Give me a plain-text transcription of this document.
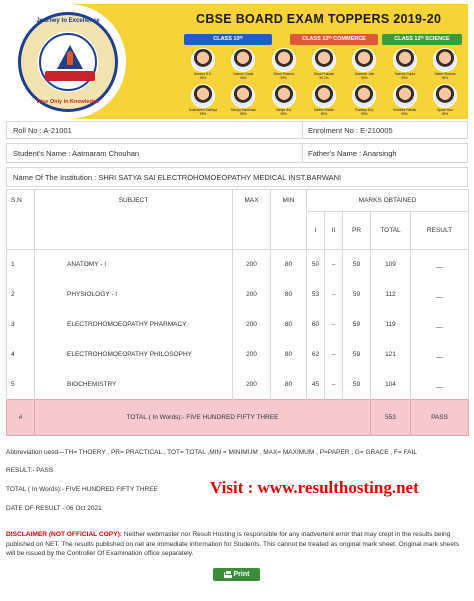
Journey to Excellence
Rise Only in Knowledge
CBSE BOARD EXAM TOPPERS 2019-20
CLASS 10ᵗʰ	CLASS 12ᵗʰ COMMERCE	CLASS 12ᵗʰ SCIENCE
Aneesa N.K.
99%
Naman Gupta
99%
Shruti Sharma
99%
Divya Prakash
99.2%
Dhanesh Jain
99%
Tanisha Gupta
99%
Satish Sharma
99%
Subhashini Sarthiya
99%
Shreya Sambhani
99%
Aditya Jha
99%
Sahibe Sheikh
99%
Pradeep Dey
99%
Srishtika Pathak
99%
Ayush Rau
99%
Roll No : A-21001	Enrolment No : E-210005
Student's Name : Aatmaram Chouhan	Father's Name : Anarsingh
Name Of The Institution : SHRI SATYA SAI ELECTROHOMOEOPATHY MEDICAL INST.BARWANI
S.N	SUBJECT	MAX	MIN	MARKS OBTAINED				
				I	II	PR	TOTAL	RESULT
1	ANATOMY - I	200	80	50	–	59	109	__
2	PHYSIOLOGY - I	200	80	53	–	59	112	__
3	ELECTROHOMOEOPATHY PHARMACY	200	80	60	–	59	119	__
4	ELECTROHOMOEOPATHY PHILOSOPHY	200	80	62	–	59	121	__
5	BIOCHEMISTRY	200	80	45	–	59	104	__
#	TOTAL ( In Words):- FIVE HUNDRED FIFTY THREE						553	PASS
Abbreviation uesd—TH= THOERY , PR= PRACTICAL , TOT= TOTAL ,MIN = MINIMUM , MAX= MAXIMUM , P=PAPER , G= GRACE , F= FAIL
RESULT:- PASS
TOTAL ( In Words):- FIVE HUNDRED FIFTY THREE
DATE OF RESULT - 06 Oct 2021
Visit : www.resulthosting.net
DISCLAIMER (NOT OFFICIAL COPY): Neither webmaster nor Result Hosting is responsible for any inadvertent error that may crept in the results being published on NET. The results published on net are immediate information for Students. This cannot be treated as original mark sheet. Original mark sheets will be issued by the Controller Of Examination office separately.
Print
